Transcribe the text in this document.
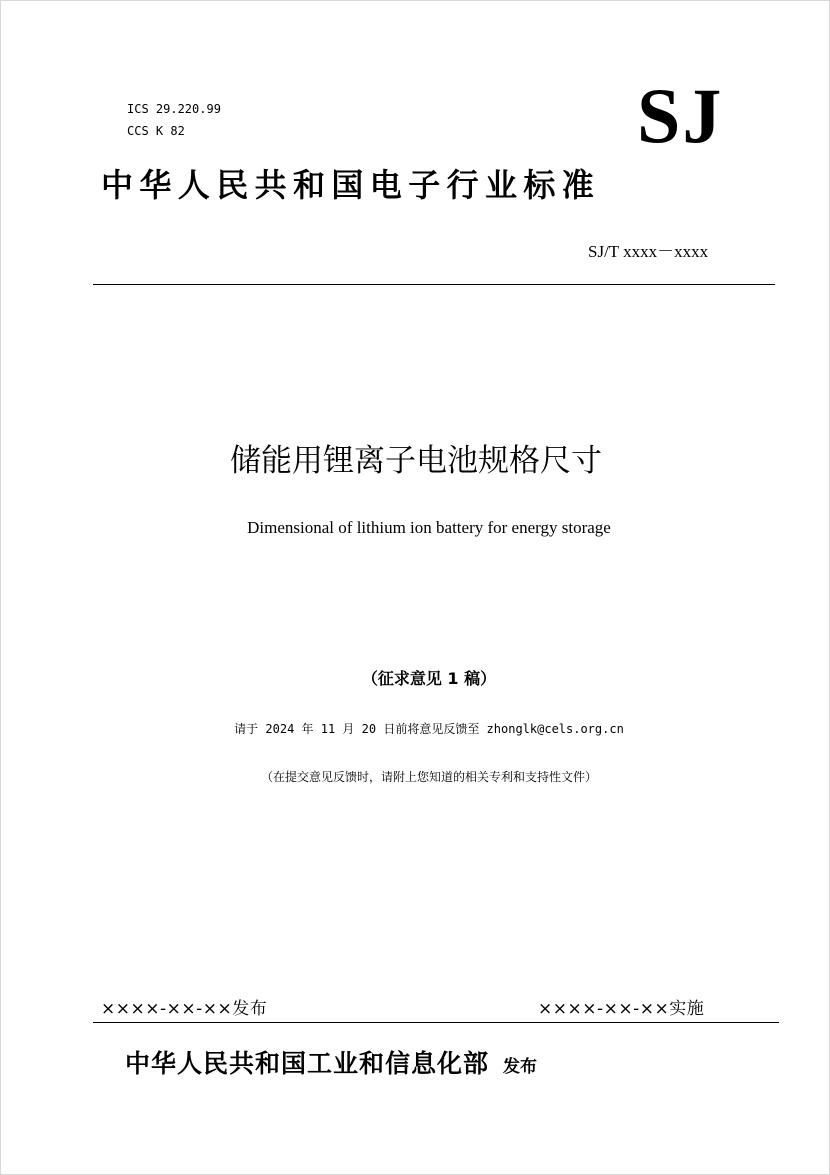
ICS 29.220.99
CCS K 82	SJ
中华人民共和国电子行业标准
SJ/T xxxx－xxxx
储能用锂离子电池规格尺寸
Dimensional of lithium ion battery for energy storage
（征求意见 1 稿）
请于 2024 年 11 月 20 日前将意见反馈至 zhonglk@cels.org.cn
（在提交意见反馈时，请附上您知道的相关专利和支持性文件）
××××-××-××发布	××××-××-××实施
中华人民共和国工业和信息化部 发布
